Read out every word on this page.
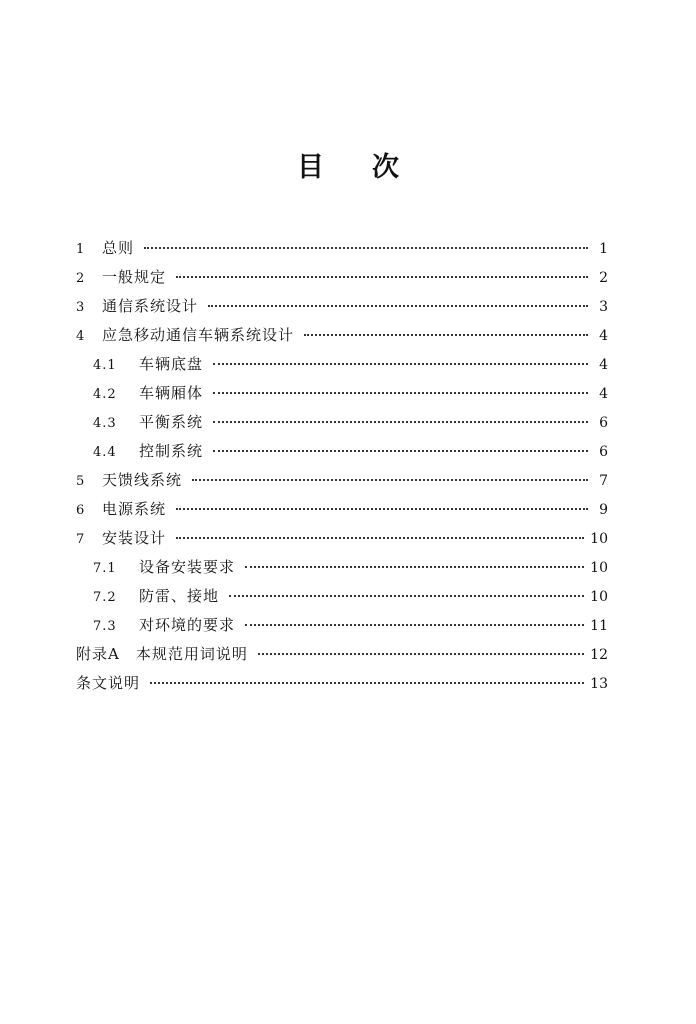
目 次
1	总则	1
2	一般规定	2
3	通信系统设计	3
4	应急移动通信车辆系统设计	4
4.1	车辆底盘	4
4.2	车辆厢体	4
4.3	平衡系统	6
4.4	控制系统	6
5	天馈线系统	7
6	电源系统	9
7	安装设计	10
7.1	设备安装要求	10
7.2	防雷、接地	10
7.3	对环境的要求	11
附录A　本规范用词说明	12
条文说明	13
